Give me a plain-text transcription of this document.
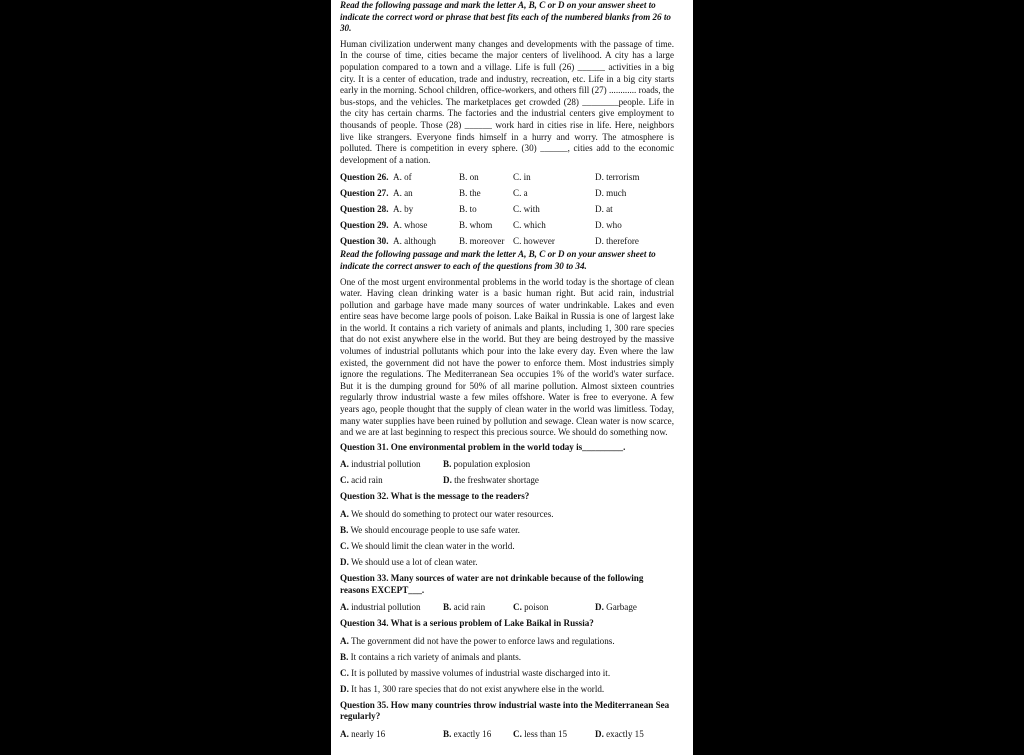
Read the following passage and mark the letter A, B, C or D on your answer sheet to indicate the correct word or phrase that best fits each of the numbered blanks from 26 to 30.

Human civilization underwent many changes and developments with the passage of time. In the course of time, cities became the major centers of livelihood. A city has a large population compared to a town and a village. Life is full (26) ______ activities in a big city. It is a center of education, trade and industry, recreation, etc. Life in a big city starts early in the morning. School children, office-workers, and others fill (27) ............ roads, the bus-stops, and the vehicles. The marketplaces get crowded (28) ________people. Life in the city has certain charms. The factories and the industrial centers give employment to thousands of people. Those (28) ______ work hard in cities rise in life. Here, neighbors live like strangers. Everyone finds himself in a hurry and worry. The atmosphere is polluted. There is competition in every sphere. (30) ______, cities add to the economic development of a nation.

Question 26. A. of	B. on	C. in	D. terrorism
Question 27. A. an	B. the	C. a	D. much
Question 28. A. by	B. to	C. with	D. at
Question 29. A. whose	B. whom C. which	D. who
Question 30. A. although	B. moreover C. however	D. therefore

Read the following passage and mark the letter A, B, C or D on your answer sheet to indicate the correct answer to each of the questions from 30 to 34.

One of the most urgent environmental problems in the world today is the shortage of clean water. Having clean drinking water is a basic human right. But acid rain, industrial pollution and garbage have made many sources of water undrinkable. Lakes and even entire seas have become large pools of poison. Lake Baikal in Russia is one of largest lake in the world. It contains a rich variety of animals and plants, including 1, 300 rare species that do not exist anywhere else in the world. But they are being destroyed by the massive volumes of industrial pollutants which pour into the lake every day. Even where the law existed, the government did not have the power to enforce them. Most industries simply ignore the regulations. The Mediterranean Sea occupies 1% of the world's water surface. But it is the dumping ground for 50% of all marine pollution. Almost sixteen countries regularly throw industrial waste a few miles offshore. Water is free to everyone. A few years ago, people thought that the supply of clean water in the world was limitless. Today, many water supplies have been ruined by pollution and sewage. Clean water is now scarce, and we are at last beginning to respect this precious source. We should do something now.

Question 31. One environmental problem in the world today is_________.
A. industrial pollution B. population explosion
C. acid rain	D. the freshwater shortage
Question 32. What is the message to the readers?
A. We should do something to protect our water resources.
B. We should encourage people to use safe water.
C. We should limit the clean water in the world.
D. We should use a lot of clean water.
Question 33. Many sources of water are not drinkable because of the following reasons EXCEPT___.
A. industrial pollution B. acid rain	C. poison	D. Garbage
Question 34. What is a serious problem of Lake Baikal in Russia?
A. The government did not have the power to enforce laws and regulations.
B. It contains a rich variety of animals and plants.
C. It is polluted by massive volumes of industrial waste discharged into it.
D. It has 1, 300 rare species that do not exist anywhere else in the world.
Question 35. How many countries throw industrial waste into the Mediterranean Sea regularly?
A. nearly 16	B. exactly 16 C. less than 15	D. exactly 15
